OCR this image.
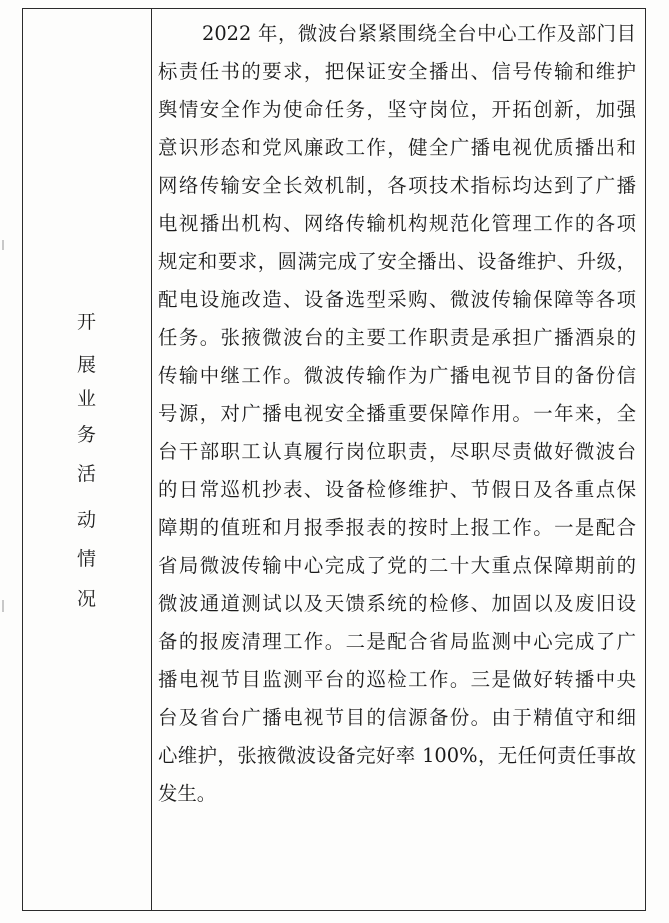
开
展
业
务
活
动
情
况
2022 年，微波台紧紧围绕全台中心工作及部门目
标责任书的要求，把保证安全播出、信号传输和维护
舆情安全作为使命任务，坚守岗位，开拓创新，加强
意识形态和党风廉政工作，健全广播电视优质播出和
网络传输安全长效机制，各项技术指标均达到了广播
电视播出机构、网络传输机构规范化管理工作的各项
规定和要求，圆满完成了安全播出、设备维护、升级，
配电设施改造、设备选型采购、微波传输保障等各项
任务。张掖微波台的主要工作职责是承担广播酒泉的
传输中继工作。微波传输作为广播电视节目的备份信
号源，对广播电视安全播重要保障作用。一年来，全
台干部职工认真履行岗位职责，尽职尽责做好微波台
的日常巡机抄表、设备检修维护、节假日及各重点保
障期的值班和月报季报表的按时上报工作。一是配合
省局微波传输中心完成了党的二十大重点保障期前的
微波通道测试以及天馈系统的检修、加固以及废旧设
备的报废清理工作。二是配合省局监测中心完成了广
播电视节目监测平台的巡检工作。三是做好转播中央
台及省台广播电视节目的信源备份。由于精值守和细
心维护，张掖微波设备完好率 100%，无任何责任事故
发生。
